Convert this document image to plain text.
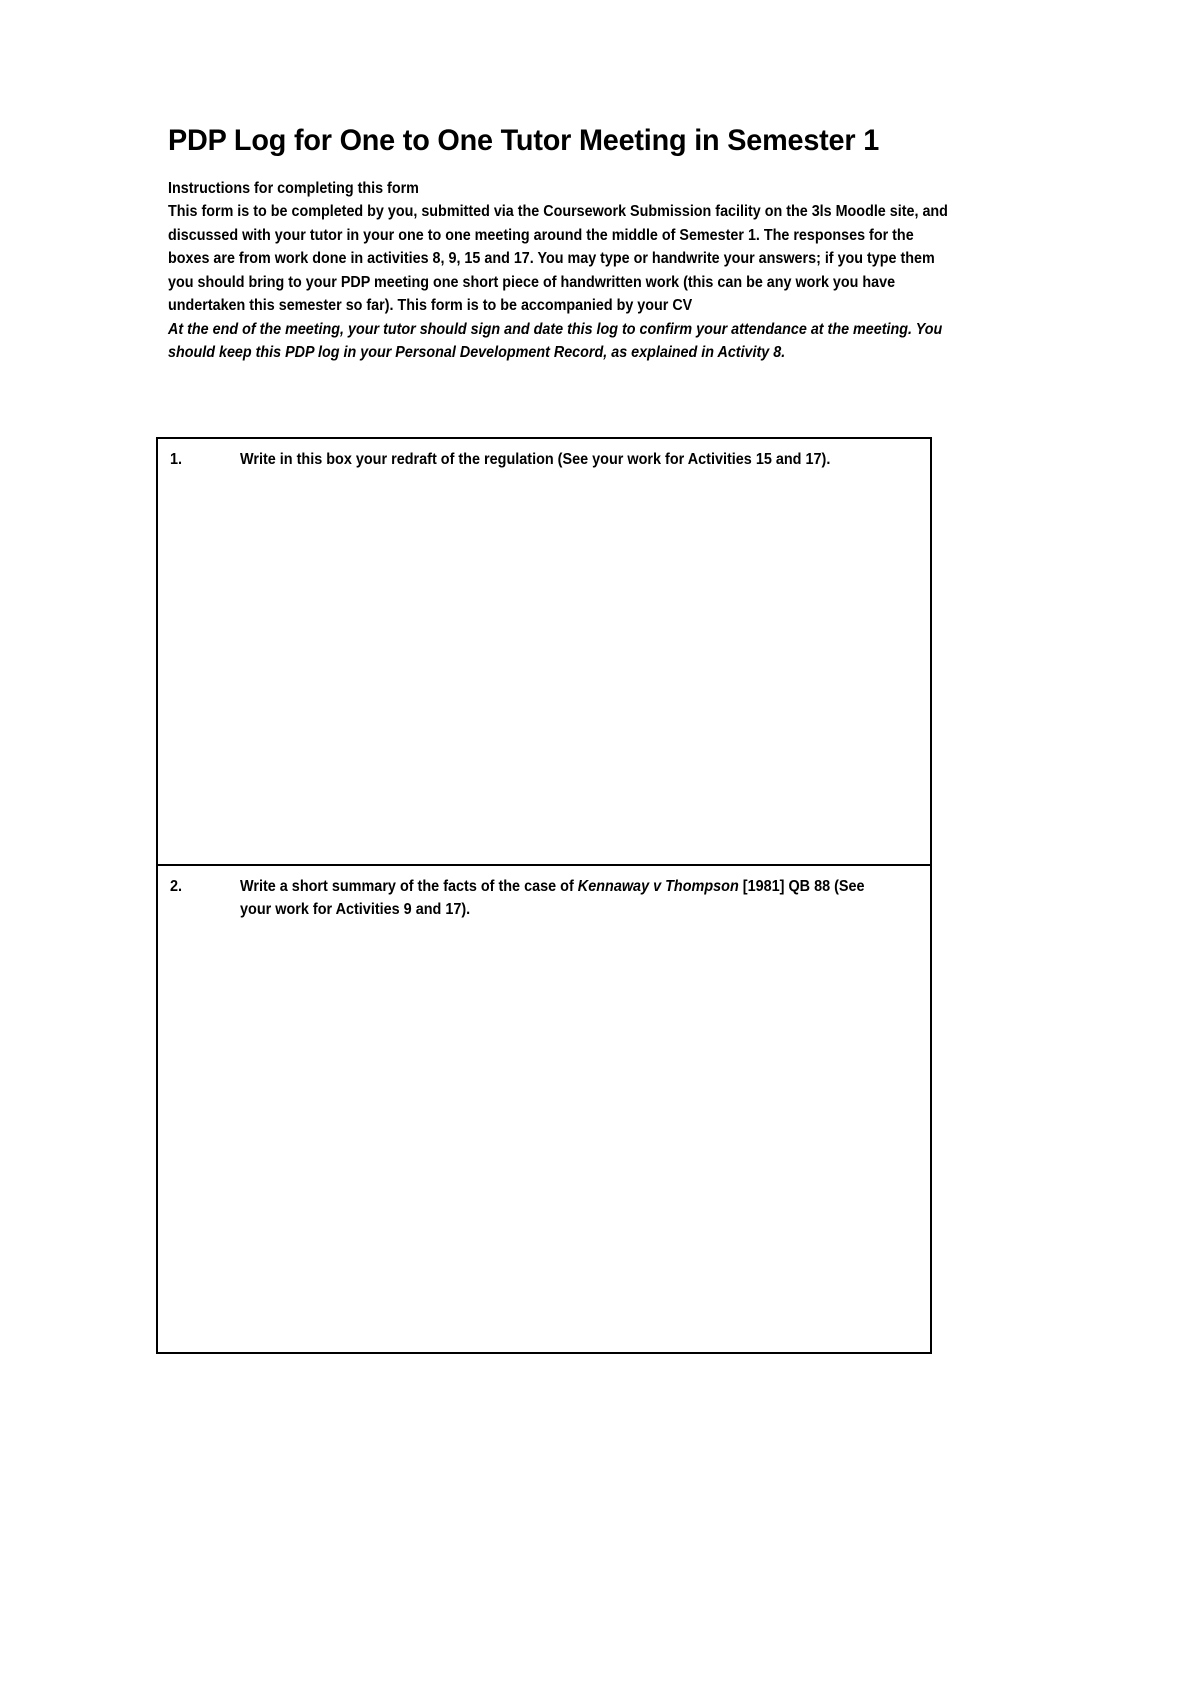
PDP Log for One to One Tutor Meeting in Semester 1

Instructions for completing this form

This form is to be completed by you, submitted via the Coursework Submission facility on the 3ls Moodle site, and discussed with your tutor in your one to one meeting around the middle of Semester 1. The responses for the boxes are from work done in activities 8, 9, 15 and 17. You may type or handwrite your answers; if you type them you should bring to your PDP meeting one short piece of handwritten work (this can be any work you have undertaken this semester so far). This form is to be accompanied by your CV

At the end of the meeting, your tutor should sign and date this log to confirm your attendance at the meeting. You should keep this PDP log in your Personal Development Record, as explained in Activity 8.

1.	Write in this box your redraft of the regulation (See your work for Activities 15 and 17).
2.	Write a short summary of the facts of the case of Kennaway v Thompson [1981] QB 88 (See your work for Activities 9 and 17).
